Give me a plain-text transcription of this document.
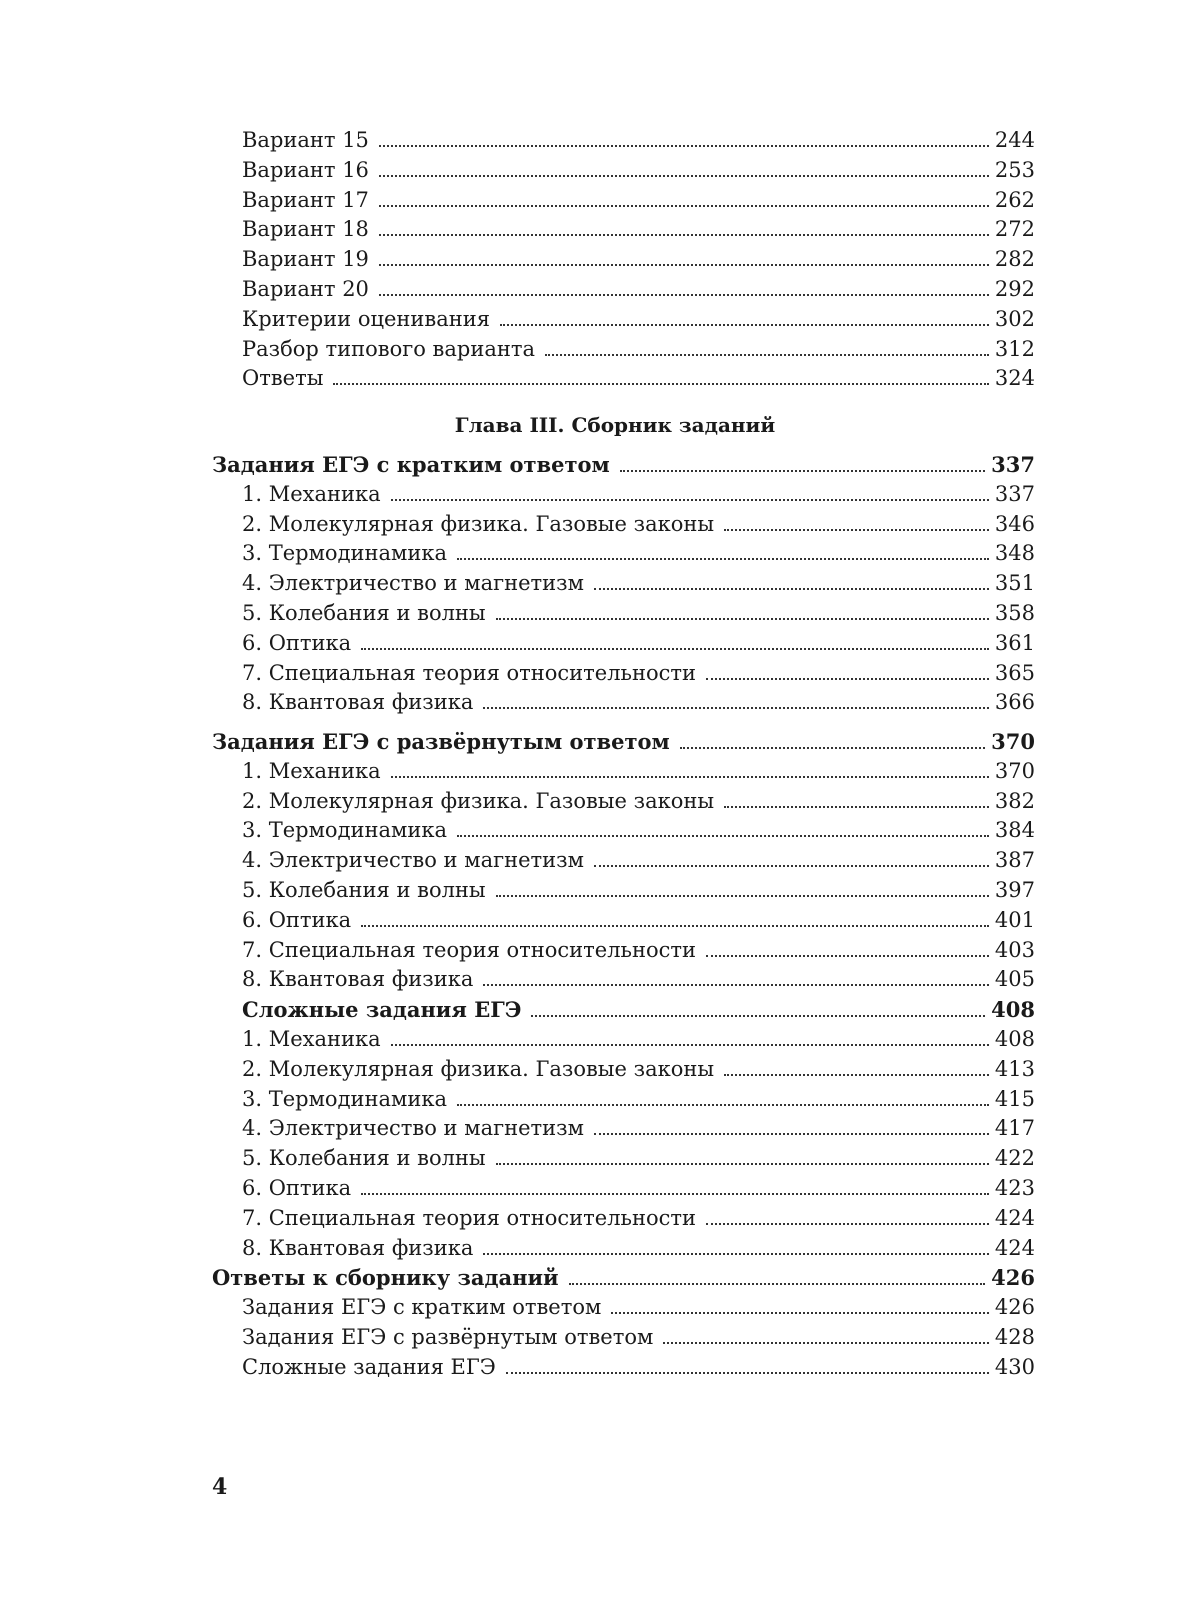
Вариант 15	244
Вариант 16	253
Вариант 17	262
Вариант 18	272
Вариант 19	282
Вариант 20	292
Критерии оценивания	302
Разбор типового варианта	312
Ответы	324
Глава III. Сборник заданий
Задания ЕГЭ с кратким ответом	337
1. Механика	337
2. Молекулярная физика. Газовые законы	346
3. Термодинамика	348
4. Электричество и магнетизм	351
5. Колебания и волны	358
6. Оптика	361
7. Специальная теория относительности	365
8. Квантовая физика	366
Задания ЕГЭ с развёрнутым ответом	370
1. Механика	370
2. Молекулярная физика. Газовые законы	382
3. Термодинамика	384
4. Электричество и магнетизм	387
5. Колебания и волны	397
6. Оптика	401
7. Специальная теория относительности	403
8. Квантовая физика	405
Сложные задания ЕГЭ	408
1. Механика	408
2. Молекулярная физика. Газовые законы	413
3. Термодинамика	415
4. Электричество и магнетизм	417
5. Колебания и волны	422
6. Оптика	423
7. Специальная теория относительности	424
8. Квантовая физика	424
Ответы к сборнику заданий	426
Задания ЕГЭ с кратким ответом	426
Задания ЕГЭ с развёрнутым ответом	428
Сложные задания ЕГЭ	430
4
